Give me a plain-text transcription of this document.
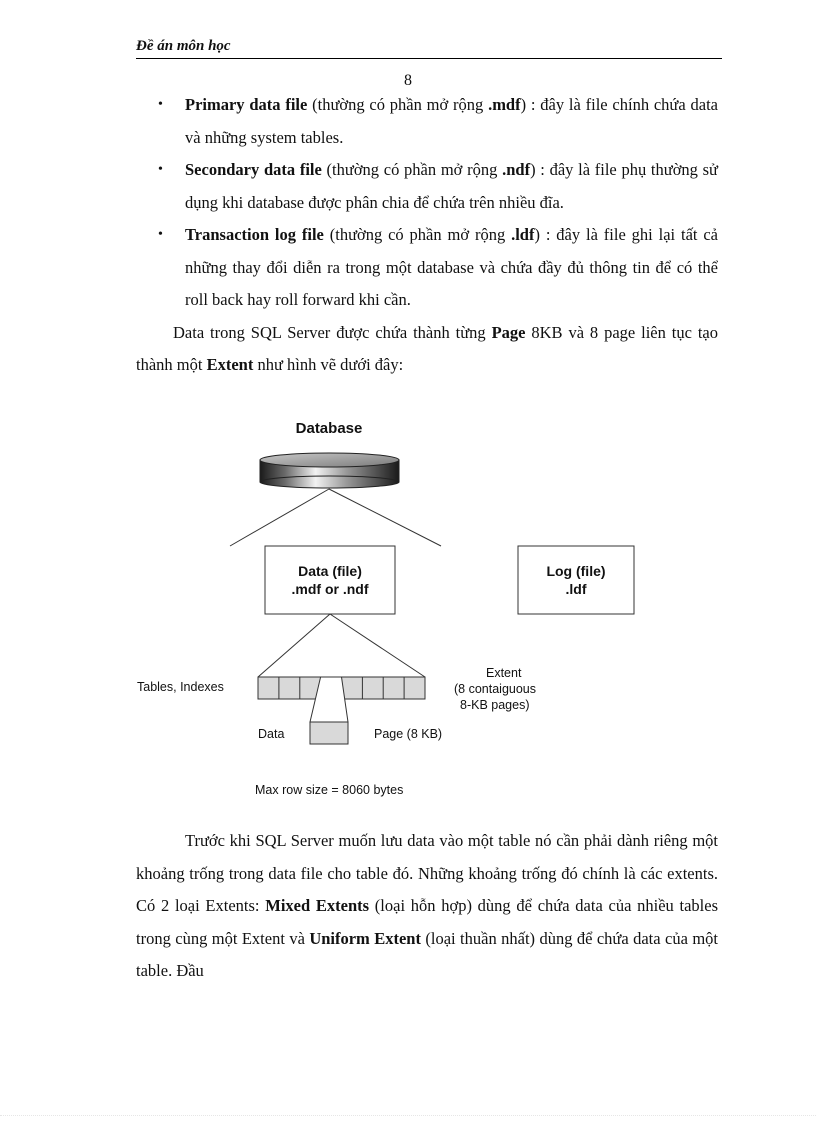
Đề án môn học
8
• Primary data file (thường có phần mở rộng .mdf) : đây là file chính chứa data và những system tables.
• Secondary data file (thường có phần mở rộng .ndf) : đây là file phụ thường sử dụng khi database được phân chia để chứa trên nhiều đĩa.
• Transaction log file (thường có phần mở rộng .ldf) : đây là file ghi lại tất cả những thay đổi diễn ra trong một database và chứa đầy đủ thông tin để có thể roll back hay roll forward khi cần.

Data trong SQL Server được chứa thành từng Page 8KB và 8 page liên tục tạo thành một Extent như hình vẽ dưới đây:

Database
Data (file)
.mdf or .ndf
Log (file)
.ldf
Tables, Indexes
Extent
(8 contaiguous
8-KB pages)
Data	Page (8 KB)
Max row size = 8060 bytes

Trước khi SQL Server muốn lưu data vào một table nó cần phải dành riêng một khoảng trống trong data file cho table đó. Những khoảng trống đó chính là các extents. Có 2 loại Extents: Mixed Extents (loại hỗn hợp) dùng để chứa data của nhiều tables trong cùng một Extent và Uniform Extent (loại thuần nhất) dùng để chứa data của một table. Đầu
